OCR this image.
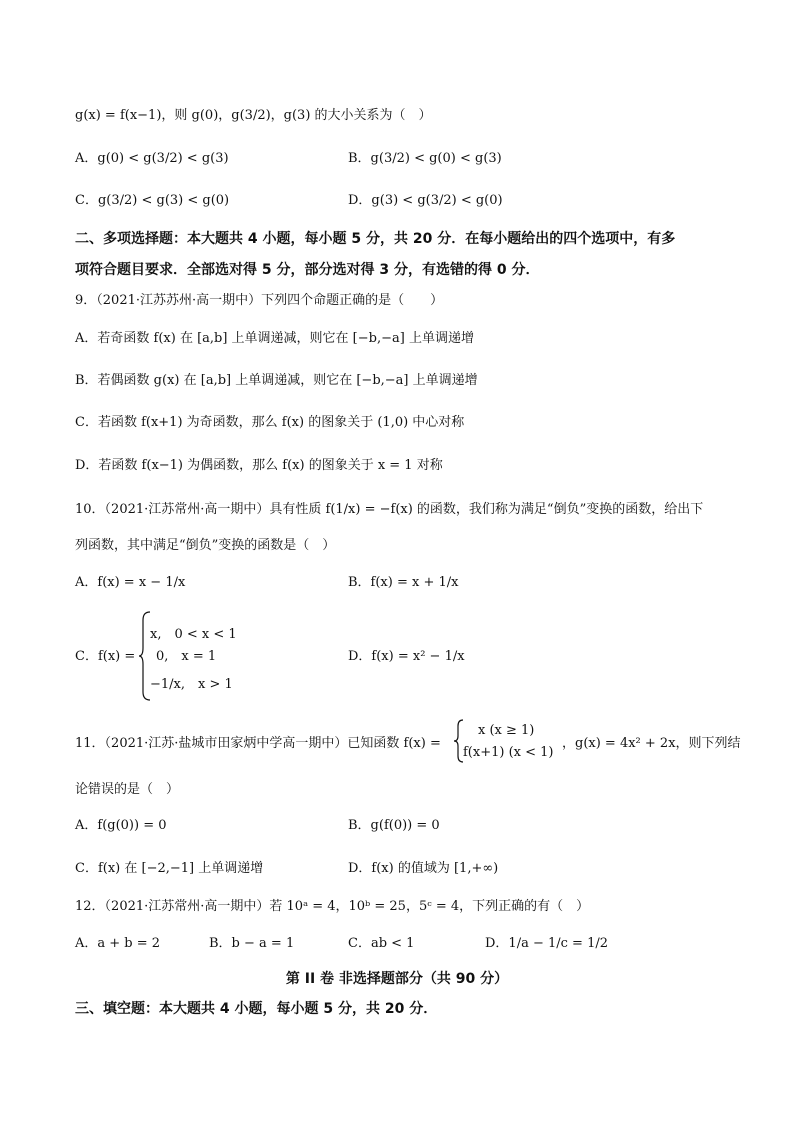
g(x) = f(x−1)，则 g(0)，g(3/2)，g(3) 的大小关系为（　）
A．g(0) < g(3/2) < g(3)	B．g(3/2) < g(0) < g(3)
C．g(3/2) < g(3) < g(0)	D．g(3) < g(3/2) < g(0)
二、多项选择题：本大题共 4 小题，每小题 5 分，共 20 分．在每小题给出的四个选项中，有多
项符合题目要求．全部选对得 5 分，部分选对得 3 分，有选错的得 0 分．
9．（2021·江苏苏州·高一期中）下列四个命题正确的是（　　）
A．若奇函数 f(x) 在 [a,b] 上单调递减，则它在 [−b,−a] 上单调递增
B．若偶函数 g(x) 在 [a,b] 上单调递减，则它在 [−b,−a] 上单调递增
C．若函数 f(x+1) 为奇函数，那么 f(x) 的图象关于 (1,0) 中心对称
D．若函数 f(x−1) 为偶函数，那么 f(x) 的图象关于 x = 1 对称
10．（2021·江苏常州·高一期中）具有性质 f(1/x) = −f(x) 的函数，我们称为满足“倒负”变换的函数，给出下
列函数，其中满足“倒负”变换的函数是（　）
A．f(x) = x − 1/x	B．f(x) = x + 1/x
C．f(x) =
x,　0 < x < 1
0,　x = 1
−1/x,　x > 1
D．f(x) = x² − 1/x
11．（2021·江苏·盐城市田家炳中学高一期中）已知函数 f(x) =
x (x ≥ 1)
f(x+1) (x < 1)
，g(x) = 4x² + 2x，则下列结
论错误的是（　）
A．f(g(0)) = 0	B．g(f(0)) = 0
C．f(x) 在 [−2,−1] 上单调递增	D．f(x) 的值域为 [1,+∞)
12．（2021·江苏常州·高一期中）若 10ᵃ = 4，10ᵇ = 25，5ᶜ = 4，下列正确的有（　）
A．a + b = 2	B．b − a = 1	C．ab < 1	D．1/a − 1/c = 1/2
第 II 卷 非选择题部分（共 90 分）
三、填空题：本大题共 4 小题，每小题 5 分，共 20 分．
